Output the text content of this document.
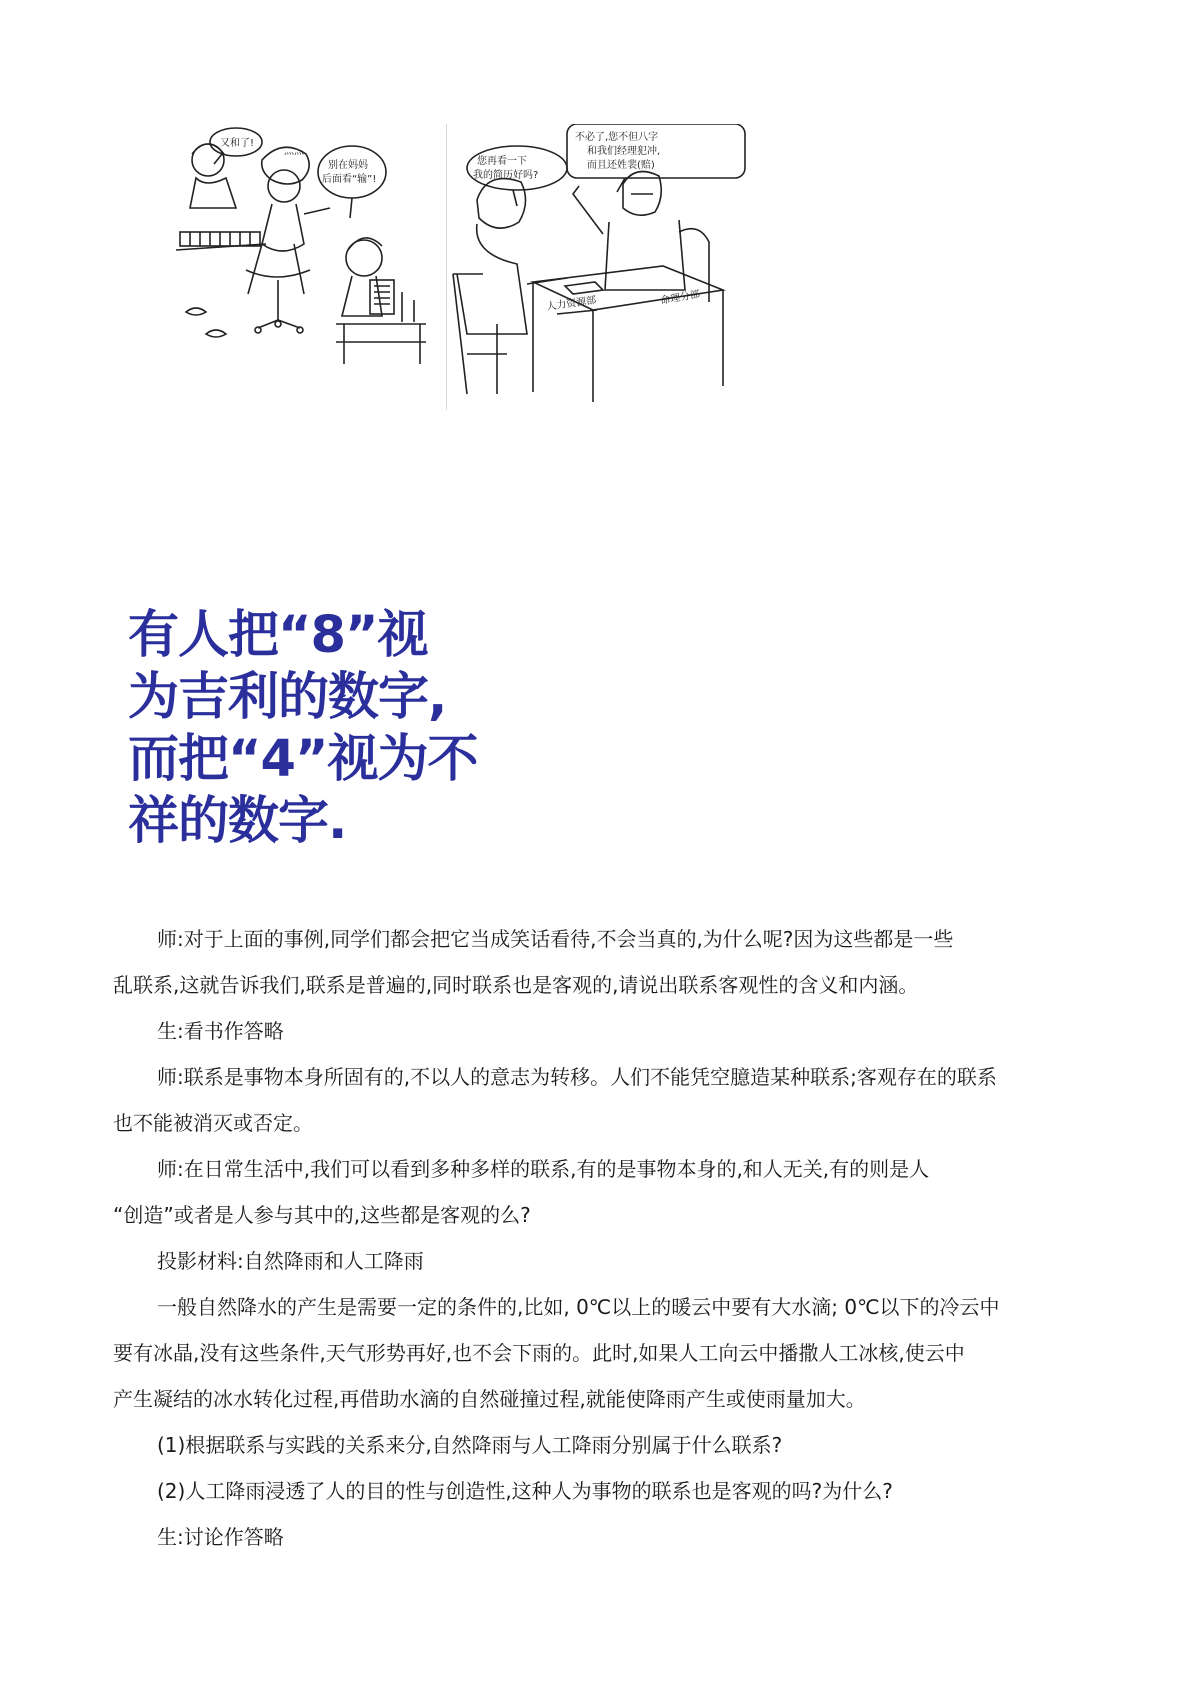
又和了!
灬灬
别在妈妈
后面看“输”!
您再看一下
我的简历好吗?
不必了,您不但八字
和我们经理犯冲,
而且还姓裴(赔)
人力资源部	命理分部
有人把“8”视
为吉利的数字,
而把“4”视为不
祥的数字.

师:对于上面的事例,同学们都会把它当成笑话看待,不会当真的,为什么呢?因为这些都是一些

乱联系,这就告诉我们,联系是普遍的,同时联系也是客观的,请说出联系客观性的含义和内涵。

生:看书作答略

师:联系是事物本身所固有的,不以人的意志为转移。人们不能凭空臆造某种联系;客观存在的联系

也不能被消灭或否定。

师:在日常生活中,我们可以看到多种多样的联系,有的是事物本身的,和人无关,有的则是人

“创造”或者是人参与其中的,这些都是客观的么?

投影材料:自然降雨和人工降雨

一般自然降水的产生是需要一定的条件的,比如, 0℃以上的暖云中要有大水滴; 0℃以下的冷云中

要有冰晶,没有这些条件,天气形势再好,也不会下雨的。此时,如果人工向云中播撒人工冰核,使云中

产生凝结的冰水转化过程,再借助水滴的自然碰撞过程,就能使降雨产生或使雨量加大。

(1)根据联系与实践的关系来分,自然降雨与人工降雨分别属于什么联系?

(2)人工降雨浸透了人的目的性与创造性,这种人为事物的联系也是客观的吗?为什么?

生:讨论作答略
